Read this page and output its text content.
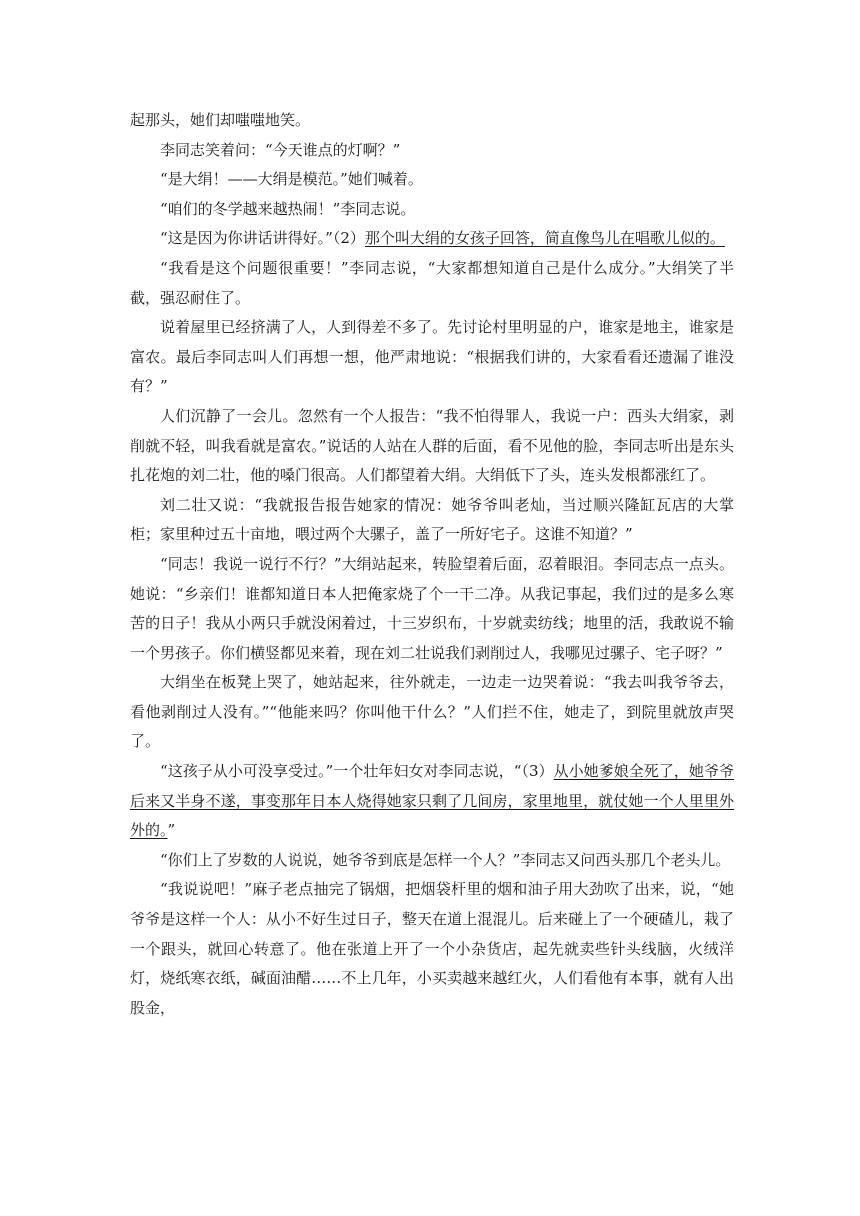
起那头，她们却嗤嗤地笑。

李同志笑着问：“今天谁点的灯啊？”

“是大绢！——大绢是模范。”她们喊着。

“咱们的冬学越来越热闹！”李同志说。

“这是因为你讲话讲得好。”（2）那个叫大绢的女孩子回答，简直像鸟儿在唱歌儿似的。

“我看是这个问题很重要！”李同志说，“大家都想知道自己是什么成分。”大绢笑了半截，强忍耐住了。

说着屋里已经挤满了人，人到得差不多了。先讨论村里明显的户，谁家是地主，谁家是富农。最后李同志叫人们再想一想，他严肃地说：“根据我们讲的，大家看看还遗漏了谁没有？”

人们沉静了一会儿。忽然有一个人报告：“我不怕得罪人，我说一户：西头大绢家，剥削就不轻，叫我看就是富农。”说话的人站在人群的后面，看不见他的脸，李同志听出是东头扎花炮的刘二壮，他的嗓门很高。人们都望着大绢。大绢低下了头，连头发根都涨红了。

刘二壮又说：“我就报告报告她家的情况：她爷爷叫老灿，当过顺兴隆缸瓦店的大掌柜；家里种过五十亩地，喂过两个大骡子，盖了一所好宅子。这谁不知道？”

“同志！我说一说行不行？”大绢站起来，转脸望着后面，忍着眼泪。李同志点一点头。她说：“乡亲们！谁都知道日本人把俺家烧了个一干二净。从我记事起，我们过的是多么寒苦的日子！我从小两只手就没闲着过，十三岁织布，十岁就卖纺线；地里的活，我敢说不输一个男孩子。你们横竖都见来着，现在刘二壮说我们剥削过人，我哪见过骡子、宅子呀？”

大绢坐在板凳上哭了，她站起来，往外就走，一边走一边哭着说：“我去叫我爷爷去，看他剥削过人没有。”“他能来吗？你叫他干什么？”人们拦不住，她走了，到院里就放声哭了。

“这孩子从小可没享受过。”一个壮年妇女对李同志说，“（3）从小她爹娘全死了，她爷爷后来又半身不遂，事变那年日本人烧得她家只剩了几间房，家里地里，就仗她一个人里里外外的。”

“你们上了岁数的人说说，她爷爷到底是怎样一个人？”李同志又问西头那几个老头儿。

“我说说吧！”麻子老点抽完了锅烟，把烟袋杆里的烟和油子用大劲吹了出来，说，“她爷爷是这样一个人：从小不好生过日子，整天在道上混混儿。后来碰上了一个硬碴儿，栽了一个跟头，就回心转意了。他在张道上开了一个小杂货店，起先就卖些针头线脑，火绒洋灯，烧纸寒衣纸，碱面油醋……不上几年，小买卖越来越红火，人们看他有本事，就有人出股金，
